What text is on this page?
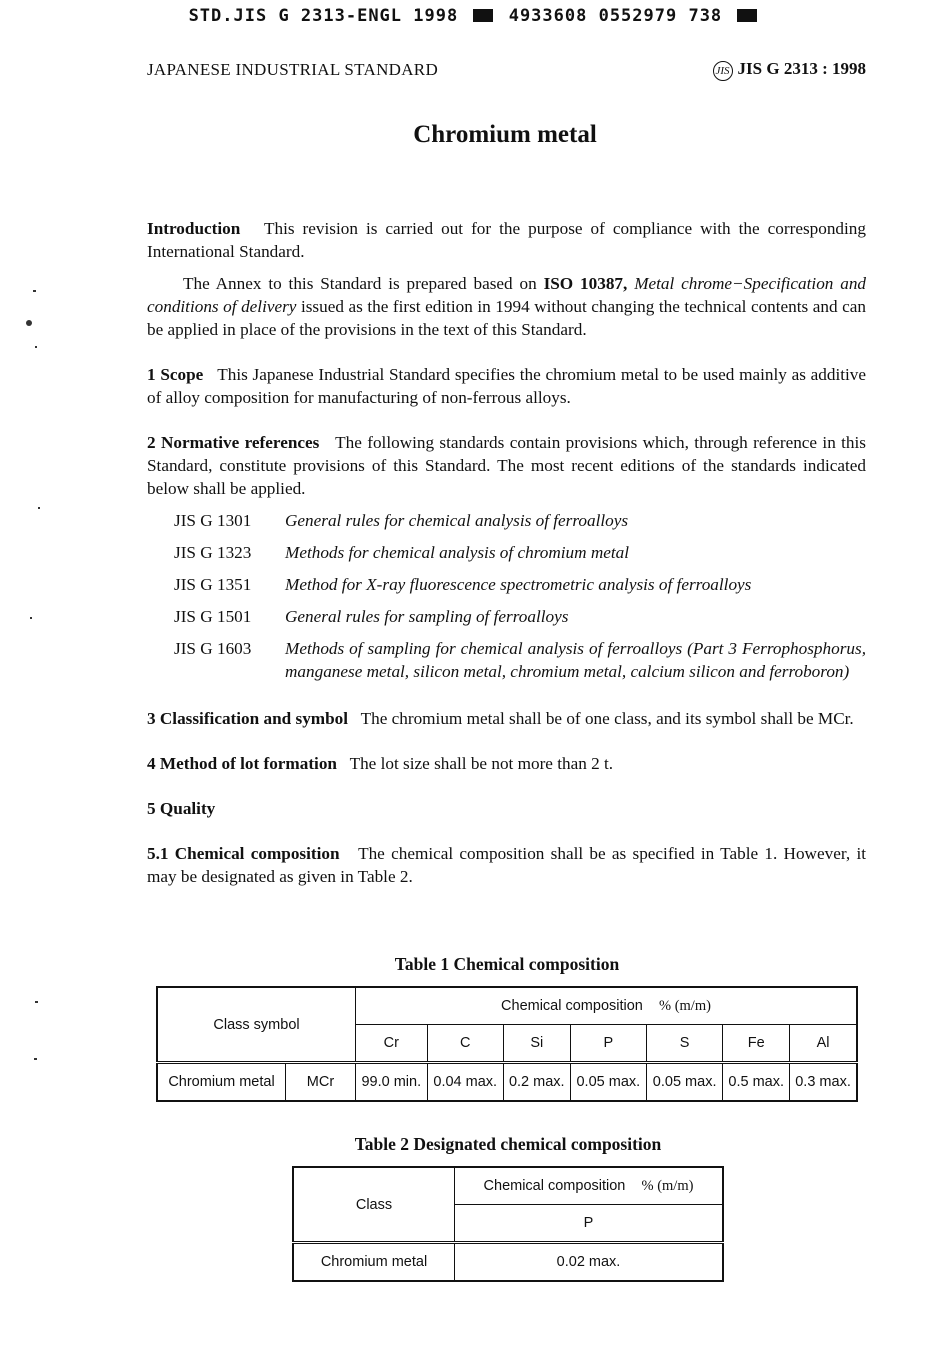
STD.JIS G 2313-ENGL 1998	4933608 0552979 738
JAPANESE INDUSTRIAL STANDARD	JIS JIS G 2313 : 1998
Chromium metal

Introduction This revision is carried out for the purpose of compliance with the corresponding International Standard.

The Annex to this Standard is prepared based on ISO 10387, Metal chrome−Specification and conditions of delivery issued as the first edition in 1994 without changing the technical contents and can be applied in place of the provisions in the text of this Standard.

1 Scope This Japanese Industrial Standard specifies the chromium metal to be used mainly as additive of alloy composition for manufacturing of non-ferrous alloys.

2 Normative references The following standards contain provisions which, through reference in this Standard, constitute provisions of this Standard. The most recent editions of the standards indicated below shall be applied.

JIS G 1301	General rules for chemical analysis of ferroalloys
JIS G 1323	Methods for chemical analysis of chromium metal
JIS G 1351	Method for X-ray fluorescence spectrometric analysis of ferroalloys
JIS G 1501	General rules for sampling of ferroalloys
JIS G 1603	Methods of sampling for chemical analysis of ferroalloys (Part 3 Ferrophosphorus, manganese metal, silicon metal, chromium metal, calcium silicon and ferroboron)

3 Classification and symbol The chromium metal shall be of one class, and its symbol shall be MCr.

4 Method of lot formation The lot size shall be not more than 2 t.

5 Quality

5.1 Chemical composition The chemical composition shall be as specified in Table 1. However, it may be designated as given in Table 2.

Table 1 Chemical composition

Class symbol		Chemical composition % (m/m)						
		Cr	C	Si	P	S	Fe	Al
Chromium metal	MCr	99.0 min.	0.04 max.	0.2 max.	0.05 max.	0.05 max.	0.5 max.	0.3 max.

Table 2 Designated chemical composition

Class	Chemical composition % (m/m)
	P
Chromium metal	0.02 max.
